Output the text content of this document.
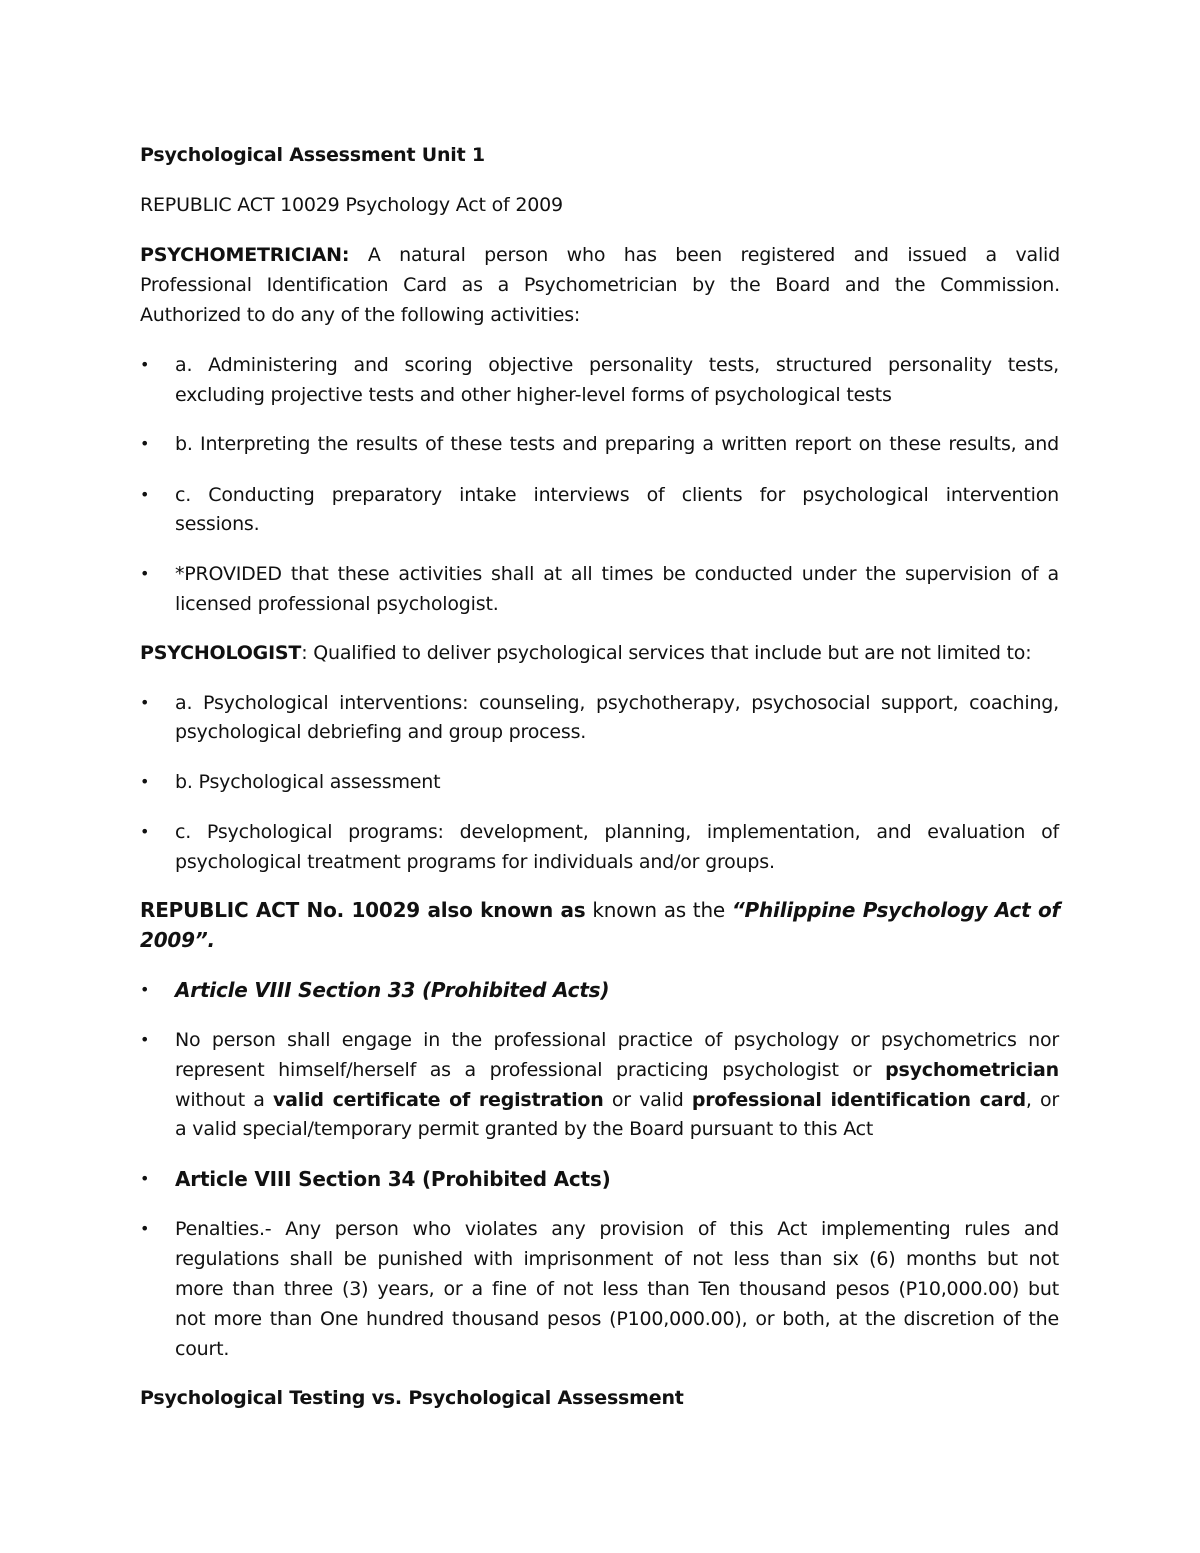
Psychological Assessment Unit 1
REPUBLIC ACT 10029 Psychology Act of 2009
PSYCHOMETRICIAN: A natural person who has been registered and issued a valid
Professional Identification Card as a Psychometrician by the Board and the Commission.
Authorized to do any of the following activities:
• a. Administering and scoring objective personality tests, structured personality tests,
excluding projective tests and other higher-level forms of psychological tests
• b. Interpreting the results of these tests and preparing a written report on these results, and
• c. Conducting preparatory intake interviews of clients for psychological intervention
sessions.
• *PROVIDED that these activities shall at all times be conducted under the supervision of a
licensed professional psychologist.
PSYCHOLOGIST: Qualified to deliver psychological services that include but are not limited to:
• a. Psychological interventions: counseling, psychotherapy, psychosocial support, coaching,
psychological debriefing and group process.
• b. Psychological assessment
• c. Psychological programs: development, planning, implementation, and evaluation of
psychological treatment programs for individuals and/or groups.
REPUBLIC ACT No. 10029 also known as known as the “Philippine Psychology Act of
2009”.
• Article VIII Section 33 (Prohibited Acts)
• No person shall engage in the professional practice of psychology or psychometrics nor
represent himself/herself as a professional practicing psychologist or psychometrician
without a valid certificate of registration or valid professional identification card, or
a valid special/temporary permit granted by the Board pursuant to this Act
• Article VIII Section 34 (Prohibited Acts)
• Penalties.- Any person who violates any provision of this Act implementing rules and
regulations shall be punished with imprisonment of not less than six (6) months but not
more than three (3) years, or a fine of not less than Ten thousand pesos (P10,000.00) but
not more than One hundred thousand pesos (P100,000.00), or both, at the discretion of the
court.
Psychological Testing vs. Psychological Assessment
